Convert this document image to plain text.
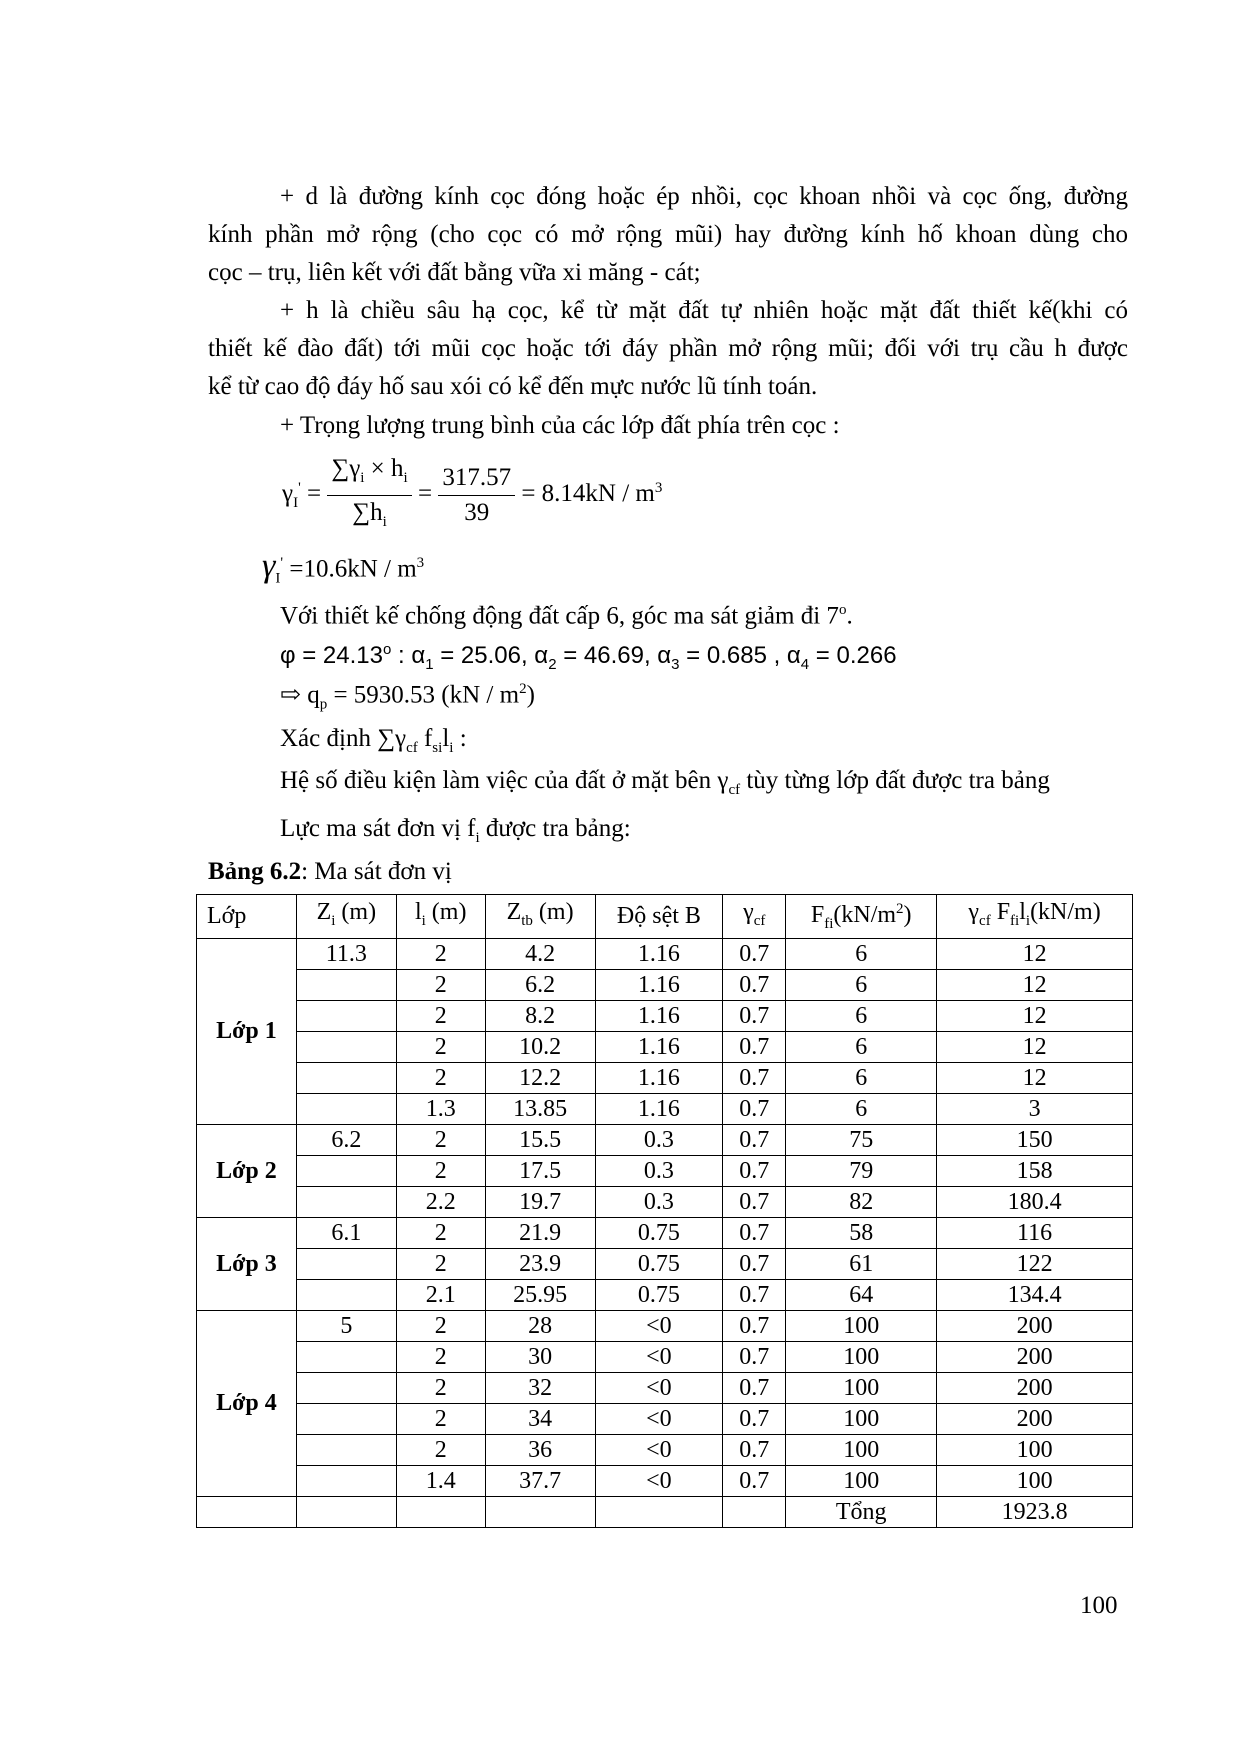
+ d là đường kính cọc đóng hoặc ép nhồi, cọc khoan nhồi và cọc ống, đường
kính phần mở rộng (cho cọc có mở rộng mũi) hay đường kính hố khoan dùng cho
cọc – trụ, liên kết với đất bằng vữa xi măng - cát;
+ h là chiều sâu hạ cọc, kể từ mặt đất tự nhiên hoặc mặt đất thiết kế(khi có
thiết kế đào đất) tới mũi cọc hoặc tới đáy phần mở rộng mũi; đối với trụ cầu h được
kể từ cao độ đáy hố sau xói có kể đến mực nước lũ tính toán.
+ Trọng lượng trung bình của các lớp đất phía trên cọc :
$\gamma_I' = \frac{\sum\gamma_i \times h_i}{\sum h_i} = \frac{317.57}{39} = 8.14kN / m^3$
$\gamma_I' =10.6kN / m^3$
Với thiết kế chống động đất cấp 6, góc ma sát giảm đi 7$^o$.
$\varphi = 24.13^o$ : $\alpha_1 = 25.06$, $\alpha_2 = 46.69$, $\alpha_3 = 0.685$ , $\alpha_4 = 0.266$
⇨ $q_p = 5930.53$ $(kN / m^2)$
Xác định $\sum\gamma_{cf}$ $f_{si}l_i$ :
Hệ số điều kiện làm việc của đất ở mặt bên $\gamma_{cf}$ tùy từng lớp đất được tra bảng
Lực ma sát đơn vị $f_i$ được tra bảng:
Bảng 6.2: Ma sát đơn vị
Lớp	$Z_i$ (m)	$l_i$ (m)	$Z_{tb}$ (m)	Độ sệt B	$\gamma_{cf}$	$F_{fi}(kN/m^2)$	$\gamma_{cf}$ $F_{fi}l_i(kN/m)$
Lớp 1	11.3	2	4.2	1.16	0.7	6	12
		2	6.2	1.16	0.7	6	12
		2	8.2	1.16	0.7	6	12
		2	10.2	1.16	0.7	6	12
		2	12.2	1.16	0.7	6	12
		1.3	13.85	1.16	0.7	6	3
Lớp 2	6.2	2	15.5	0.3	0.7	75	150
		2	17.5	0.3	0.7	79	158
		2.2	19.7	0.3	0.7	82	180.4
Lớp 3	6.1	2	21.9	0.75	0.7	58	116
		2	23.9	0.75	0.7	61	122
		2.1	25.95	0.75	0.7	64	134.4
Lớp 4	5	2	28	<0	0.7	100	200
		2	30	<0	0.7	100	200
		2	32	<0	0.7	100	200
		2	34	<0	0.7	100	200
		2	36	<0	0.7	100	100
		1.4	37.7	<0	0.7	100	100
						Tổng	1923.8
100
